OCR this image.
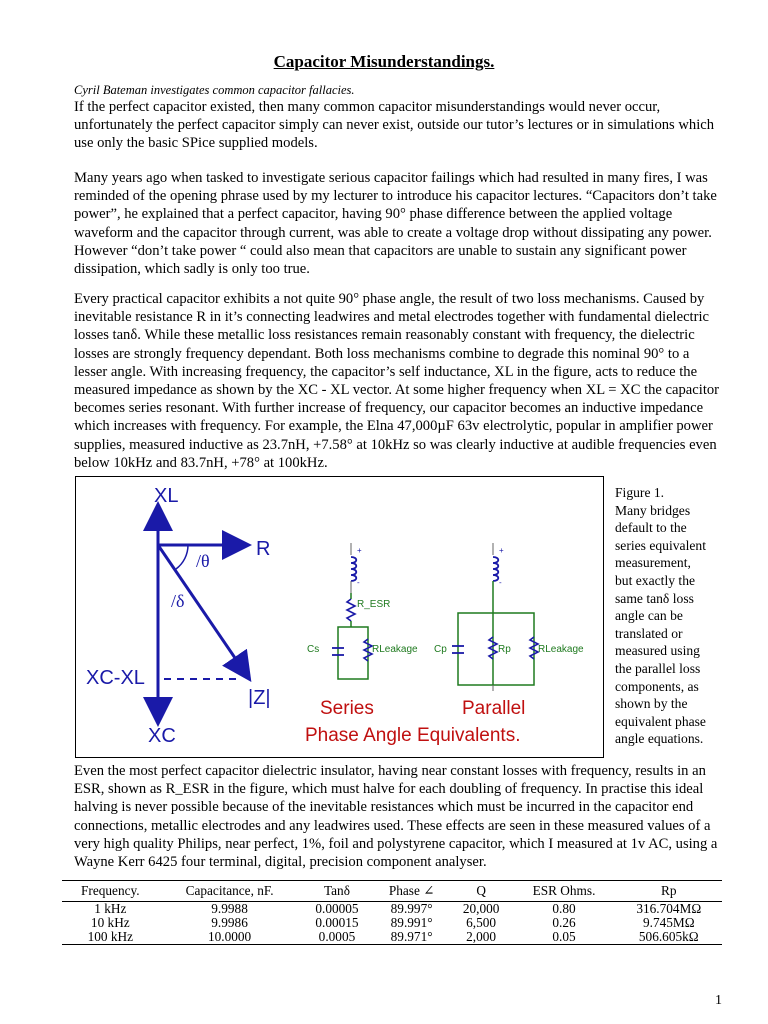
Capacitor Misunderstandings.
Cyril Bateman investigates common capacitor fallacies.

If the perfect capacitor existed, then many common capacitor misunderstandings would never occur, unfortunately the perfect capacitor simply can never exist, outside our tutor’s lectures or in simulations which use only the basic SPice supplied models.

Many years ago when tasked to investigate serious capacitor failings which had resulted in many fires, I was reminded of the opening phrase used by my lecturer to introduce his capacitor lectures. “Capacitors don’t take power”, he explained that a perfect capacitor, having 90° phase difference between the applied voltage waveform and the capacitor through current, was able to create a voltage drop without dissipating any power. However “don’t take power “ could also mean that capacitors are unable to sustain any significant power dissipation, which sadly is only too true.

Every practical capacitor exhibits a not quite 90° phase angle, the result of two loss mechanisms. Caused by inevitable resistance R in it’s connecting leadwires and metal electrodes together with fundamental dielectric losses tanδ. While these metallic loss resistances remain reasonably constant with frequency, the dielectric losses are strongly frequency dependant. Both loss mechanisms combine to degrade this nominal 90° to a lesser angle. With increasing frequency, the capacitor’s self inductance, XL in the figure, acts to reduce the measured impedance as shown by the XC - XL vector. At some higher frequency when XL = XC the capacitor becomes series resonant. With further increase of frequency, our capacitor becomes an inductive impedance which increases with frequency. For example, the Elna 47,000µF 63v electrolytic, popular in amplifier power supplies, measured inductive as 23.7nH, +7.58° at 10kHz so was clearly inductive at audible frequencies even below 10kHz and 83.7nH, +78° at 100kHz.

XL
R
/θ
/δ
XC-XL
|Z|
XC
+
-
R_ESR
Cs	RLeakage
+
-
Cp	Rp	RLeakage
Series	Parallel
Phase Angle Equivalents.
Figure 1.
Many bridges
default to the
series equivalent
measurement,
but exactly the
same tanδ loss
angle can be
translated or
measured using
the parallel loss
components, as
shown by the
equivalent phase
angle equations.

Even the most perfect capacitor dielectric insulator, having near constant losses with frequency, results in an ESR, shown as R_ESR in the figure, which must halve for each doubling of frequency. In practise this ideal halving is never possible because of the inevitable resistances which must be incurred in the capacitor end connections, metallic electrodes and any leadwires used. These effects are seen in these measured values of a very high quality Philips, near perfect, 1%, foil and polystyrene capacitor, which I measured at 1v AC, using a Wayne Kerr 6425 four terminal, digital, precision component analyser.

Frequency.	Capacitance, nF.	Tanδ	Phase ∠	Q	ESR Ohms.	Rp
1 kHz	9.9988	0.00005	89.997°	20,000	0.80	316.704MΩ
10 kHz	9.9986	0.00015	89.991°	6,500	0.26	9.745MΩ
100 kHz	10.0000	0.0005	89.971°	2,000	0.05	506.605kΩ
1
